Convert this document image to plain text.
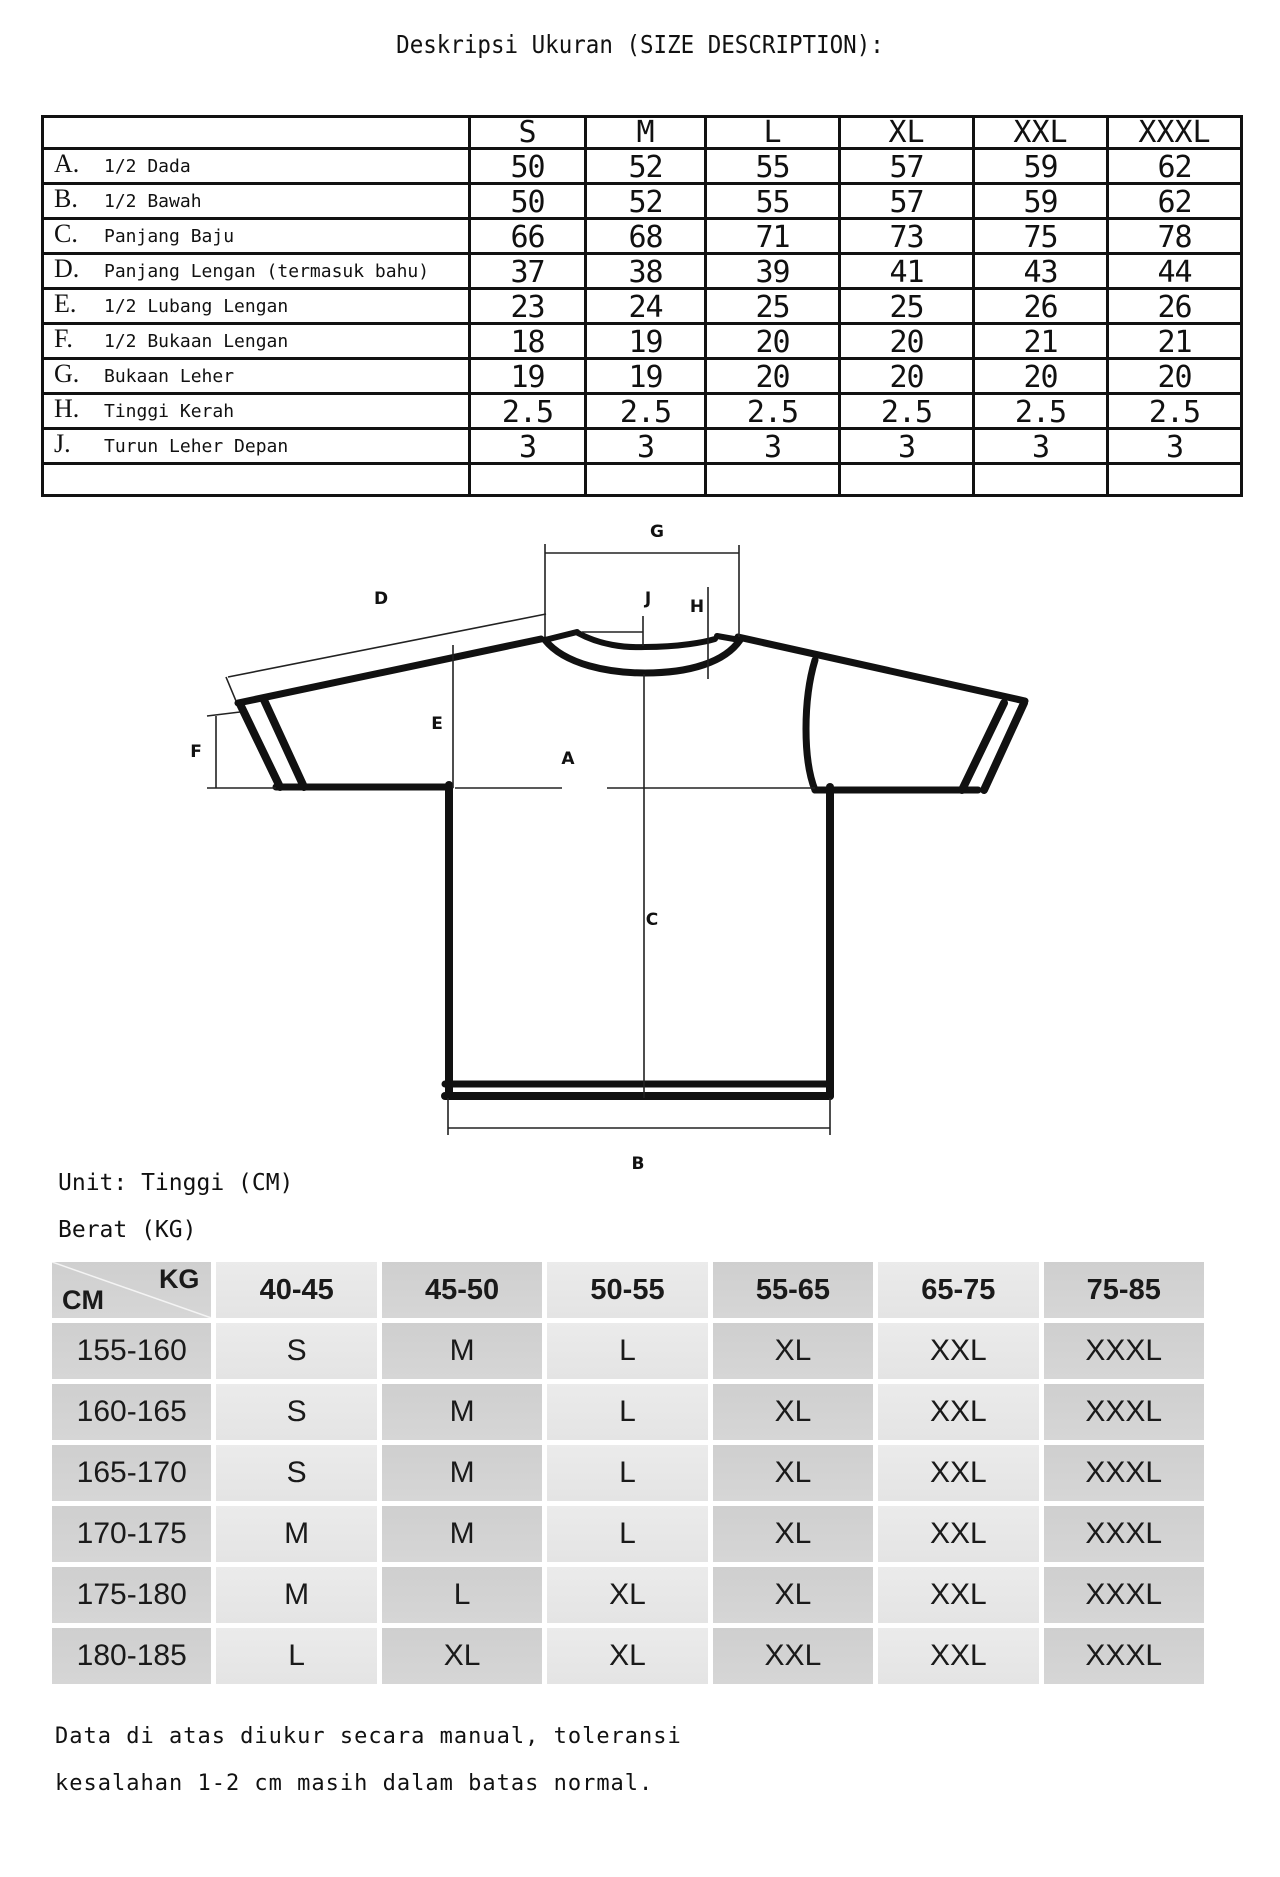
Deskripsi Ukuran (SIZE DESCRIPTION):
	S	M	L	XL	XXL	XXXL
A. 1/2 Dada	50	52	55	57	59	62
B. 1/2 Bawah	50	52	55	57	59	62
C. Panjang Baju	66	68	71	73	75	78
D. Panjang Lengan (termasuk bahu)	37	38	39	41	43	44
E. 1/2 Lubang Lengan	23	24	25	25	26	26
F. 1/2 Bukaan Lengan	18	19	20	20	21	21
G. Bukaan Leher	19	19	20	20	20	20
H. Tinggi Kerah	2.5	2.5	2.5	2.5	2.5	2.5
J. Turun Leher Depan	3	3	3	3	3	3

G
J H
D
E
F	A
C
B
Unit: Tinggi (CM)
Berat (KG)
KG
CM	40-45	45-50	50-55	55-65	65-75	75-85
155-160	S	M	L	XL	XXL	XXXL
160-165	S	M	L	XL	XXL	XXXL
165-170	S	M	L	XL	XXL	XXXL
170-175	M	M	L	XL	XXL	XXXL
175-180	M	L	XL	XL	XXL	XXXL
180-185	L	XL	XL	XXL	XXL	XXXL
Data di atas diukur secara manual, toleransi
kesalahan 1-2 cm masih dalam batas normal.
